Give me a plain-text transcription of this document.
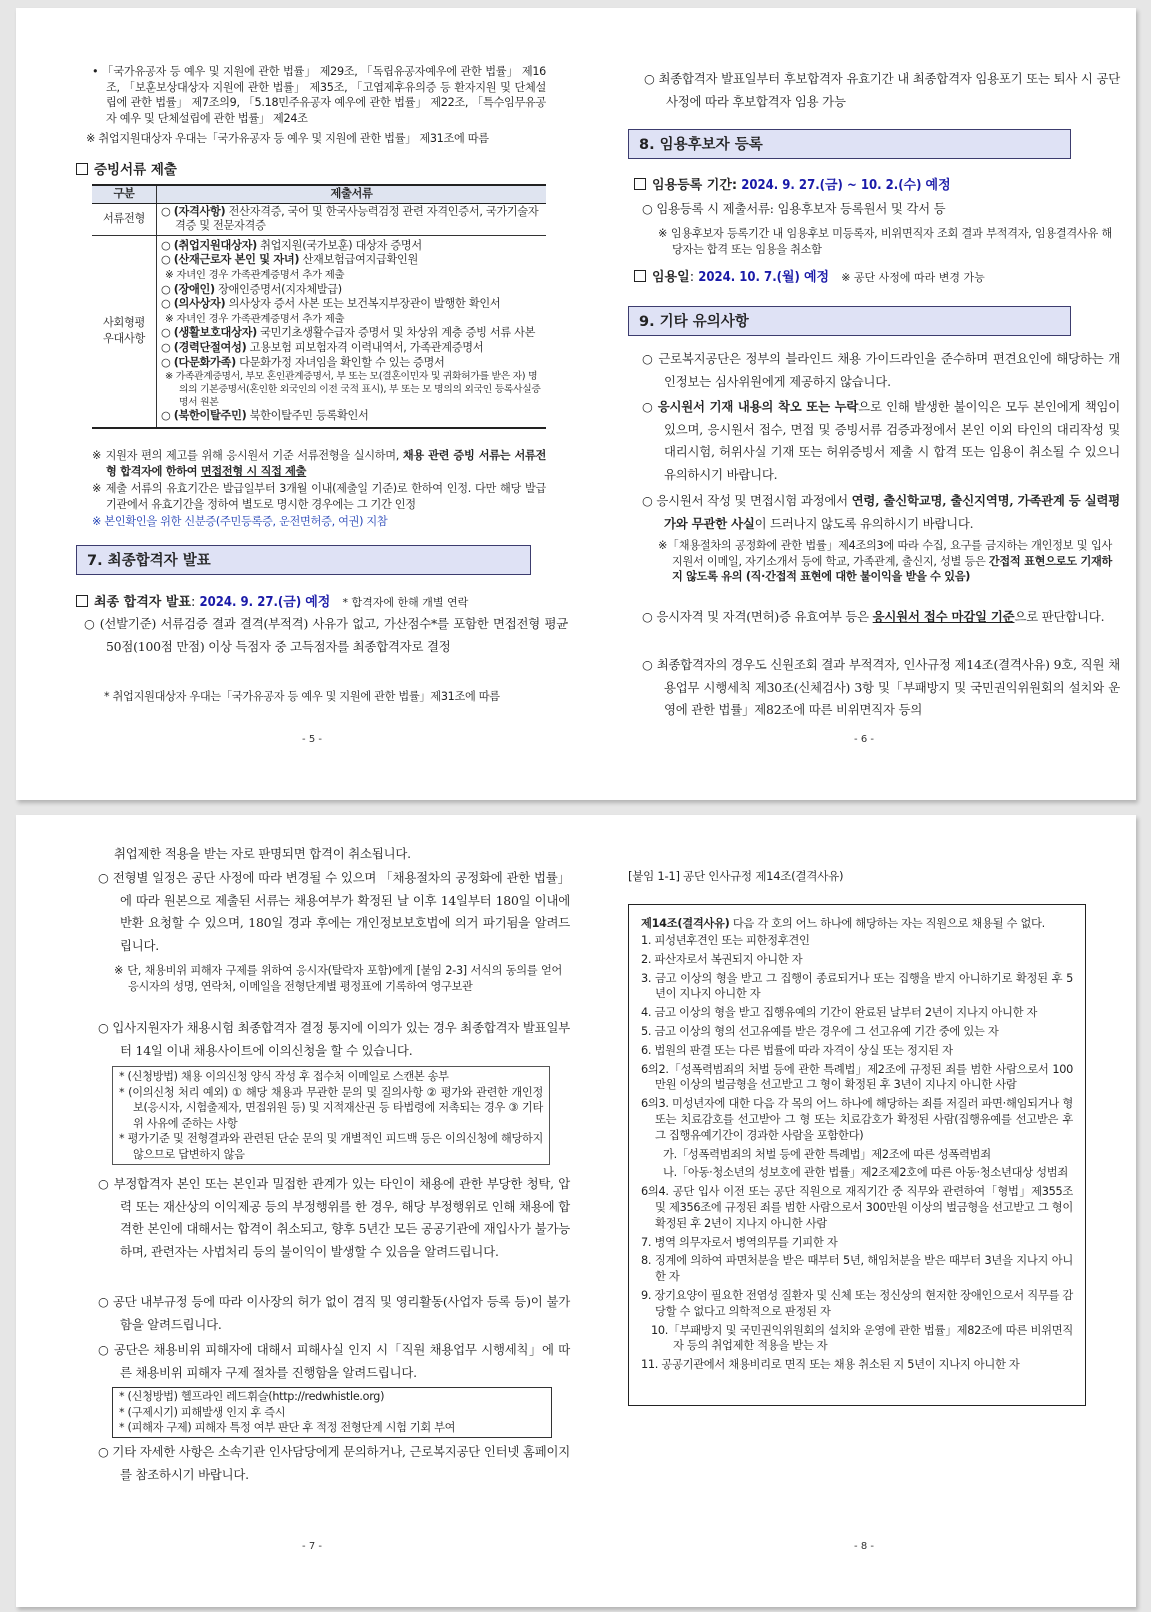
• 「국가유공자 등 예우 및 지원에 관한 법률」 제29조, 「독립유공자예우에 관한 법률」 제16조, 「보훈보상대상자 지원에 관한 법률」 제35조, 「고엽제후유의증 등 환자지원 및 단체설립에 관한 법률」 제7조의9, 「5.18민주유공자 예우에 관한 법률」 제22조, 「특수임무유공자 예우 및 단체설립에 관한 법률」 제24조
※ 취업지원대상자 우대는「국가유공자 등 예우 및 지원에 관한 법률」 제31조에 따름
증빙서류 제출
구분	제출서류
서류전형	○ (자격사항) 전산자격증, 국어 및 한국사능력검정 관련 자격인증서, 국가기술자격증 및 전문자격증

사회형평
우대사항	
○ (취업지원대상자) 취업지원(국가보훈) 대상자 증명서
○ (산재근로자 본인 및 자녀) 산재보험급여지급확인원
※ 자녀인 경우 가족관계증명서 추가 제출
○ (장애인) 장애인증명서(지자체발급)
○ (의사상자) 의사상자 증서 사본 또는 보건복지부장관이 발행한 확인서
※ 자녀인 경우 가족관계증명서 추가 제출
○ (생활보호대상자) 국민기초생활수급자 증명서 및 차상위 계층 증빙 서류 사본
○ (경력단절여성) 고용보험 피보험자격 이력내역서, 가족관계증명서
○ (다문화가족) 다문화가정 자녀임을 확인할 수 있는 증명서
※ 가족관계증명서, 부모 혼인관계증명서, 부 또는 모(결혼이민자 및 귀화허가를 받은 자) 명의의 기본증명서(혼인한 외국인의 이전 국적 표시), 부 또는 모 명의의 외국인 등록사실증명서 원본
○ (북한이탈주민) 북한이탈주민 등록확인서
※ 지원자 편의 제고를 위해 응시원서 기준 서류전형을 실시하며, 채용 관련 증빙 서류는 서류전형 합격자에 한하여 면접전형 시 직접 제출
※ 제출 서류의 유효기간은 발급일부터 3개월 이내(제출일 기준)로 한하여 인정. 다만 해당 발급기관에서 유효기간을 정하여 별도로 명시한 경우에는 그 기간 인정
※ 본인확인을 위한 신분증(주민등록증, 운전면허증, 여권) 지참
7. 최종합격자 발표
최종 합격자 발표: 2024. 9. 27.(금) 예정 * 합격자에 한해 개별 연락
○ (선발기준) 서류검증 결과 결격(부적격) 사유가 없고, 가산점수*를 포함한 면접전형 평균 50점(100점 만점) 이상 득점자 중 고득점자를 최종합격자로 결정
* 취업지원대상자 우대는「국가유공자 등 예우 및 지원에 관한 법률」제31조에 따름
- 5 -
○ 최종합격자 발표일부터 후보합격자 유효기간 내 최종합격자 임용포기 또는 퇴사 시 공단사정에 따라 후보합격자 임용 가능
8. 임용후보자 등록
임용등록 기간: 2024. 9. 27.(금) ~ 10. 2.(수) 예정
○ 임용등록 시 제출서류: 임용후보자 등록원서 및 각서 등
※ 임용후보자 등록기간 내 임용후보 미등록자, 비위면직자 조회 결과 부적격자, 임용결격사유 해당자는 합격 또는 임용을 취소함
임용일: 2024. 10. 7.(월) 예정 ※ 공단 사정에 따라 변경 가능
9. 기타 유의사항
○ 근로복지공단은 정부의 블라인드 채용 가이드라인을 준수하며 편견요인에 해당하는 개인정보는 심사위원에게 제공하지 않습니다.
○ 응시원서 기재 내용의 착오 또는 누락으로 인해 발생한 불이익은 모두 본인에게 책임이 있으며, 응시원서 접수, 면접 및 증빙서류 검증과정에서 본인 이외 타인의 대리작성 및 대리시험, 허위사실 기재 또는 허위증빙서 제출 시 합격 또는 임용이 취소될 수 있으니 유의하시기 바랍니다.
○ 응시원서 작성 및 면접시험 과정에서 연령, 출신학교명, 출신지역명, 가족관계 등 실력평가와 무관한 사실이 드러나지 않도록 유의하시기 바랍니다.
※「채용절차의 공정화에 관한 법률」제4조의3에 따라 수집, 요구를 금지하는 개인정보 및 입사지원서 이메일, 자기소개서 등에 학교, 가족관계, 출신지, 성별 등은 간접적 표현으로도 기재하지 않도록 유의 (직·간접적 표현에 대한 불이익을 받을 수 있음)
○ 응시자격 및 자격(면허)증 유효여부 등은 응시원서 접수 마감일 기준으로 판단합니다.
○ 최종합격자의 경우도 신원조회 결과 부적격자, 인사규정 제14조(결격사유) 9호, 직원 채용업무 시행세칙 제30조(신체검사) 3항 및「부패방지 및 국민권익위원회의 설치와 운영에 관한 법률」제82조에 따른 비위면직자 등의
- 6 -
취업제한 적용을 받는 자로 판명되면 합격이 취소됩니다.
○ 전형별 일정은 공단 사정에 따라 변경될 수 있으며 「채용절차의 공정화에 관한 법률」에 따라 원본으로 제출된 서류는 채용여부가 확정된 날 이후 14일부터 180일 이내에 반환 요청할 수 있으며, 180일 경과 후에는 개인정보보호법에 의거 파기됨을 알려드립니다.
※ 단, 채용비위 피해자 구제를 위하여 응시자(탈락자 포함)에게 [붙임 2-3] 서식의 동의를 얻어 응시자의 성명, 연락처, 이메일을 전형단계별 평정표에 기록하여 영구보관
○ 입사지원자가 채용시험 최종합격자 결정 통지에 이의가 있는 경우 최종합격자 발표일부터 14일 이내 채용사이트에 이의신청을 할 수 있습니다.
* (신청방법) 채용 이의신청 양식 작성 후 접수처 이메일로 스캔본 송부
* (이의신청 처리 예외) ① 해당 채용과 무관한 문의 및 질의사항 ② 평가와 관련한 개인정보(응시자, 시험출제자, 면접위원 등) 및 지적재산권 등 타법령에 저촉되는 경우 ③ 기타 위 사유에 준하는 사항
* 평가기준 및 전형결과와 관련된 단순 문의 및 개별적인 피드백 등은 이의신청에 해당하지 않으므로 답변하지 않음
○ 부정합격자 본인 또는 본인과 밀접한 관계가 있는 타인이 채용에 관한 부당한 청탁, 압력 또는 재산상의 이익제공 등의 부정행위를 한 경우, 해당 부정행위로 인해 채용에 합격한 본인에 대해서는 합격이 취소되고, 향후 5년간 모든 공공기관에 재입사가 불가능하며, 관련자는 사법처리 등의 불이익이 발생할 수 있음을 알려드립니다.
○ 공단 내부규정 등에 따라 이사장의 허가 없이 겸직 및 영리활동(사업자 등록 등)이 불가함을 알려드립니다.
○ 공단은 채용비위 피해자에 대해서 피해사실 인지 시「직원 채용업무 시행세칙」에 따른 채용비위 피해자 구제 절차를 진행함을 알려드립니다.
* (신청방법) 헬프라인 레드휘슬(http://redwhistle.org)
* (구제시기) 피해발생 인지 후 즉시
* (피해자 구제) 피해자 특정 여부 판단 후 적정 전형단계 시험 기회 부여
○ 기타 자세한 사항은 소속기관 인사담당에게 문의하거나, 근로복지공단 인터넷 홈페이지를 참조하시기 바랍니다.
- 7 -
[붙임 1-1] 공단 인사규정 제14조(결격사유)
제14조(결격사유) 다음 각 호의 어느 하나에 해당하는 자는 직원으로 채용될 수 없다.
1. 피성년후견인 또는 피한정후견인
2. 파산자로서 복권되지 아니한 자
3. 금고 이상의 형을 받고 그 집행이 종료되거나 또는 집행을 받지 아니하기로 확정된 후 5년이 지나지 아니한 자
4. 금고 이상의 형을 받고 집행유예의 기간이 완료된 날부터 2년이 지나지 아니한 자
5. 금고 이상의 형의 선고유예를 받은 경우에 그 선고유예 기간 중에 있는 자
6. 법원의 판결 또는 다른 법률에 따라 자격이 상실 또는 정지된 자
6의2.「성폭력범죄의 처벌 등에 관한 특례법」제2조에 규정된 죄를 범한 사람으로서 100만원 이상의 벌금형을 선고받고 그 형이 확정된 후 3년이 지나지 아니한 사람
6의3. 미성년자에 대한 다음 각 목의 어느 하나에 해당하는 죄를 저질러 파면·해임되거나 형 또는 치료감호를 선고받아 그 형 또는 치료감호가 확정된 사람(집행유예를 선고받은 후 그 집행유예기간이 경과한 사람을 포함한다)
가.「성폭력범죄의 처벌 등에 관한 특례법」제2조에 따른 성폭력범죄
나.「아동·청소년의 성보호에 관한 법률」제2조제2호에 따른 아동·청소년대상 성범죄
6의4. 공단 입사 이전 또는 공단 직원으로 재직기간 중 직무와 관련하여「형법」제355조 및 제356조에 규정된 죄를 범한 사람으로서 300만원 이상의 벌금형을 선고받고 그 형이 확정된 후 2년이 지나지 아니한 사람
7. 병역 의무자로서 병역의무를 기피한 자
8. 징계에 의하여 파면처분을 받은 때부터 5년, 해임처분을 받은 때부터 3년을 지나지 아니한 자
9. 장기요양이 필요한 전염성 질환자 및 신체 또는 정신상의 현저한 장애인으로서 직무를 감당할 수 없다고 의학적으로 판정된 자
10.「부패방지 및 국민권익위원회의 설치와 운영에 관한 법률」제82조에 따른 비위면직자 등의 취업제한 적용을 받는 자
11. 공공기관에서 채용비리로 면직 또는 채용 취소된 지 5년이 지나지 아니한 자
- 8 -
